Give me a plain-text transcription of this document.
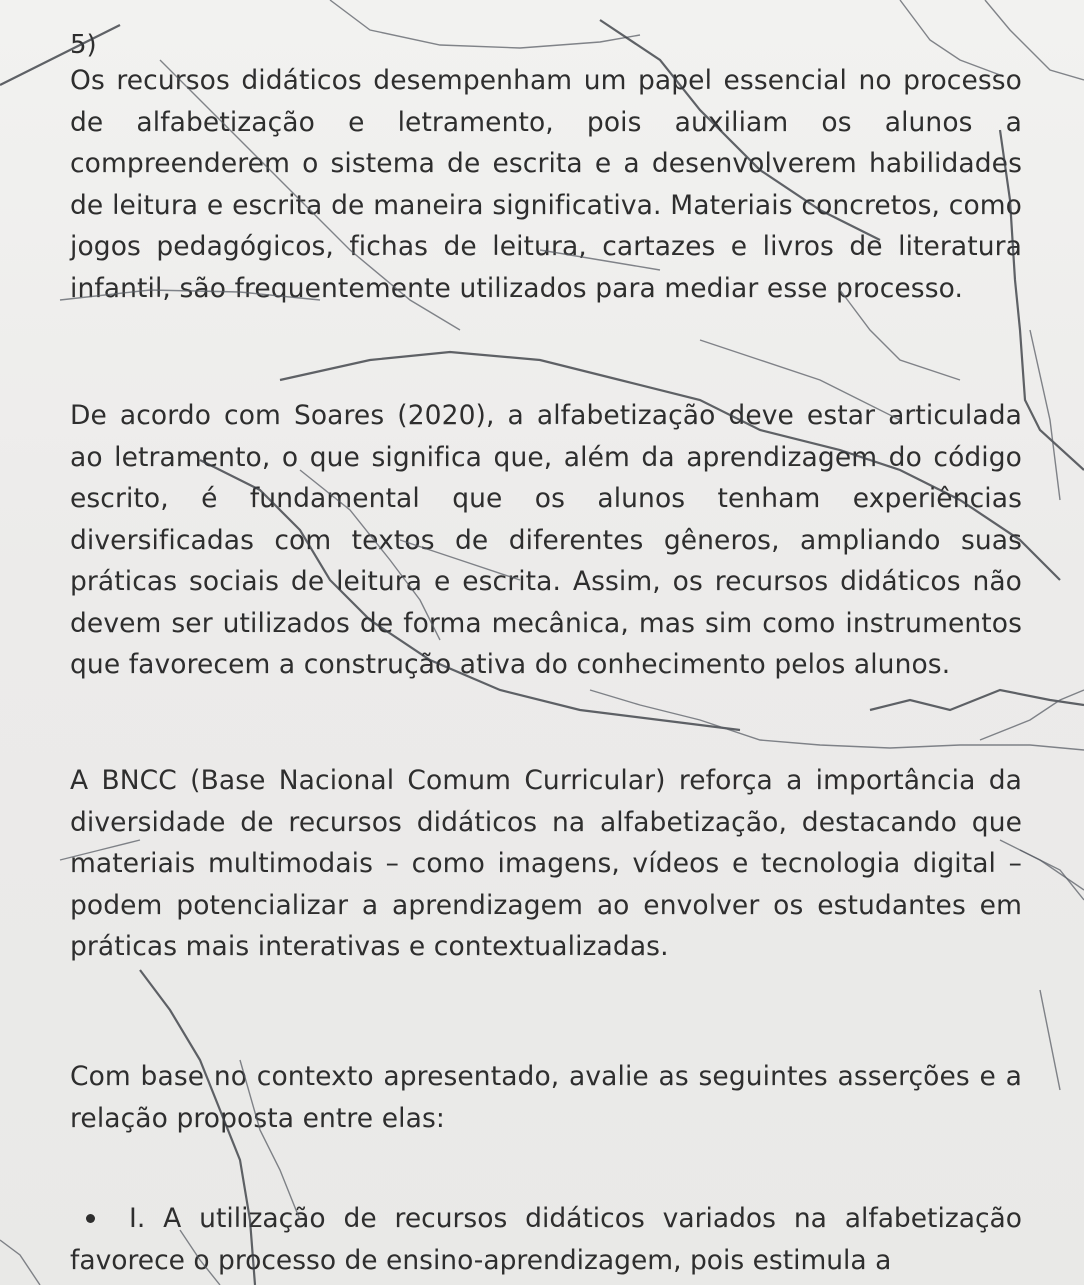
5)

Os recursos didáticos desempenham um papel essencial no processo de alfabetização e letramento, pois auxiliam os alunos a compreenderem o sistema de escrita e a desenvolverem habilidades de leitura e escrita de maneira significativa. Materiais concretos, como jogos pedagógicos, fichas de leitura, cartazes e livros de literatura infantil, são frequentemente utilizados para mediar esse processo.

De acordo com Soares (2020), a alfabetização deve estar articulada ao letramento, o que significa que, além da aprendizagem do código escrito, é fundamental que os alunos tenham experiências diversificadas com textos de diferentes gêneros, ampliando suas práticas sociais de leitura e escrita. Assim, os recursos didáticos não devem ser utilizados de forma mecânica, mas sim como instrumentos que favorecem a construção ativa do conhecimento pelos alunos.

A BNCC (Base Nacional Comum Curricular) reforça a importância da diversidade de recursos didáticos na alfabetização, destacando que materiais multimodais – como imagens, vídeos e tecnologia digital – podem potencializar a aprendizagem ao envolver os estudantes em práticas mais interativas e contextualizadas.

Com base no contexto apresentado, avalie as seguintes asserções e a relação proposta entre elas:

I. A utilização de recursos didáticos variados na alfabetização favorece o processo de ensino-aprendizagem, pois estimula a
